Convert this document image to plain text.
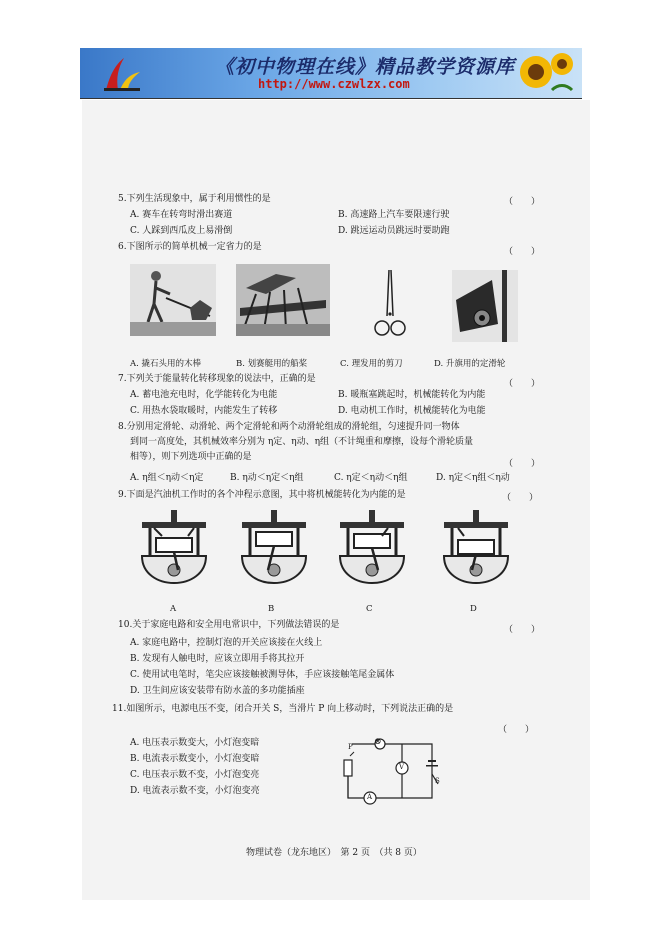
《初中物理在线》精品教学资源库
http://www.czwlzx.com
5.下列生活现象中，属于利用惯性的是	（　　）
A. 赛车在转弯时滑出赛道	B. 高速路上汽车要限速行驶
C. 人踩到西瓜皮上易滑倒	D. 跳远运动员跳远时要助跑
6.下图所示的简单机械一定省力的是	（　　）
A. 撬石头用的木棒	B. 划赛艇用的船桨	C. 理发用的剪刀	D. 升旗用的定滑轮
7.下列关于能量转化转移现象的说法中，正确的是	（　　）
A. 蓄电池充电时，化学能转化为电能	B. 暖瓶塞跳起时，机械能转化为内能
C. 用热水袋取暖时，内能发生了转移	D. 电动机工作时，机械能转化为电能
8.分别用定滑轮、动滑轮、两个定滑轮和两个动滑轮组成的滑轮组，匀速提升同一物体
到同一高度处，其机械效率分别为 η定、η动、η组（不计绳重和摩擦，设每个滑轮质量
相等），则下列选项中正确的是
（　　）
A. η组＜η动＜η定	B. η动＜η定＜η组	C. η定＜η动＜η组	D. η定＜η组＜η动
9.下面是汽油机工作时的各个冲程示意图，其中将机械能转化为内能的是	（　　）
A	B	C	D
10.关于家庭电路和安全用电常识中，下列做法错误的是	（　　）
A. 家庭电路中，控制灯泡的开关应该接在火线上
B. 发现有人触电时，应该立即用手将其拉开
C. 使用试电笔时，笔尖应该接触被测导体，手应该接触笔尾金属体
D. 卫生间应该安装带有防水盖的多功能插座
11.如图所示，电源电压不变，闭合开关 S，当滑片 P 向上移动时，下列说法正确的是
（　　）
A. 电压表示数变大，小灯泡变暗
B. 电流表示数变小，小灯泡变暗
C. 电压表示数不变，小灯泡变亮
D. 电流表示数不变，小灯泡变亮
P ⊗
V
A
S
物理试卷（龙东地区）　第 2 页　（共 8 页）
